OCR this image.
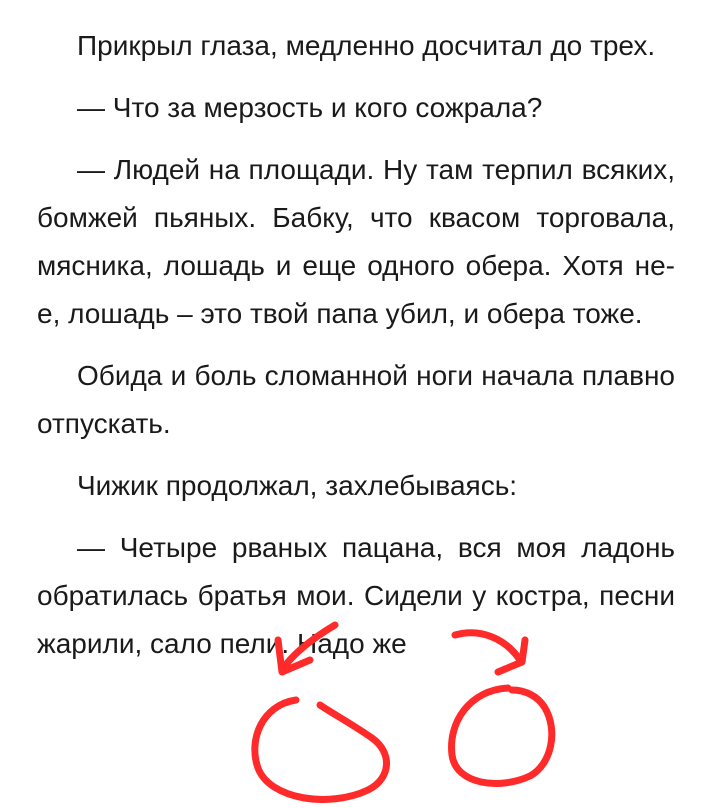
Прикрыл глаза, медленно досчитал до трех.

— Что за мерзость и кого сожрала?

— Людей на площади. Ну там терпил всяких, бомжей пьяных. Бабку, что квасом торговала, мясника, лошадь и еще одного обера. Хотя не-е, лошадь – это твой папа убил, и обера тоже.

Обида и боль сломанной ноги начала плавно отпускать.

Чижик продолжал, захлебываясь:

— Четыре рваных пацана, вся моя ладонь обратилась братья мои. Сидели у костра, песни жарили, сало пели. Надо же
